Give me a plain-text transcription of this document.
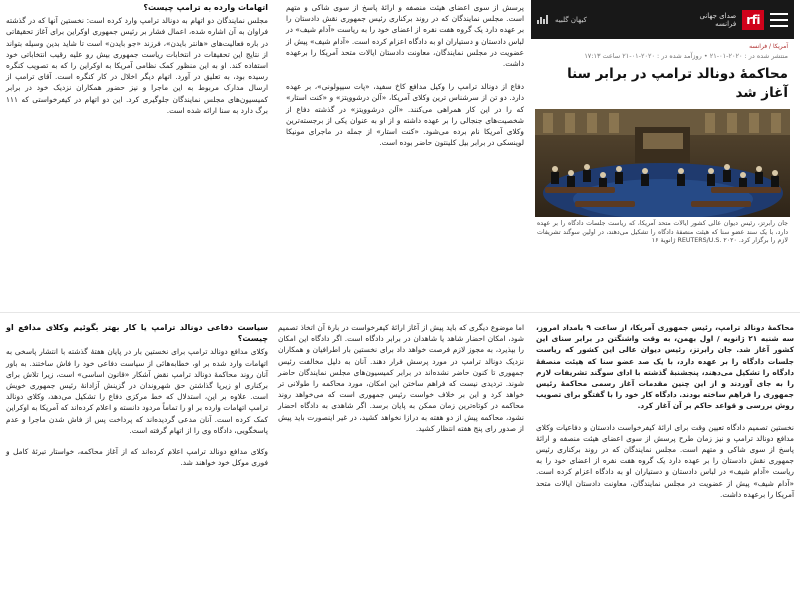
کیهان گلبیه	صدای جهانی فرانسه rfi
آمریکا / فرانسه
منتشر شده در : ۲۰۲۰-۰۱-۲۱ • روزآمد شده در : ۲۰۲۰-۰۱-۲۱ ساعت ۱۷:۱۳
محاکمهٔ دونالد ترامپ در برابر سنا آغاز شد
جان رابرتز، رئیس دیوان عالی کشور ایالات متحد آمریکا، که ریاست جلسات دادگاه را بر عهده دارد، با یک سند عضو سنا که هیئت منصفهٔ دادگاه را تشکیل می‌دهند، در اولین سوگند تشریفات لازم را برگزار کرد. REUTERS/U.S. ۲۰۲۰ ژانویهٔ ۱۶
اتهامات وارده به ترامپ چیست؟
مجلس نمایندگان دو اتهام به دونالد ترامپ وارد کرده است: نخستین آنها که در گذشته فراوان به آن اشاره شده، اعمال فشار بر رئیس جمهوری اوکراین برای آغاز تحقیقاتی در باره فعالیت‌های «هانتر بایدن»، فرزند «جو بایدن» است تا شاید بدین وسیله بتواند از نتایج این تحقیقات در انتخابات ریاست جمهوری بیش رو علیه رقیب انتخاباتی خود استفاده کند. او به این منظور کمک نظامی آمریکا به اوکراین را که به تصویب کنگره رسیده بود، به تعلیق در آورد. اتهام دیگر اخلال در کار کنگره است. آقای ترامپ از ارسال مدارک مربوط به این ماجرا و نیز حضور همکاران نزدیک خود در برابر کمیسیون‌های مجلس نمایندگان جلوگیری کرد. این دو اتهام در کیفرخواستی که ۱۱۱ برگ دارد به سنا ارائه شده است.
پرسش از سوی اعضای هیئت منصفه و ارائهٔ پاسخ از سوی شاکی و متهم است. مجلس نمایندگان که در روند برکناری رئیس جمهوری نقش دادستان را بر عهده دارد یک گروه هفت نفره از اعضای خود را به ریاست «آدام شیف» در لباس دادستان و دستیاران او به دادگاه اعزام کرده است. «آدام شیف» پیش از عضویت در مجلس نمایندگان، معاونت دادستان ایالات متحد آمریکا را برعهده داشت.
دفاع از دونالد ترامپ را وکیل مدافع کاخ سفید، «پات سیپولونی»، بر عهده دارد. دو تن از سرشناس ترین وکلای آمریکا، «آلن درشوویتز» و «کنت استار» که را در این کار همراهی می‌کنند. «آلن درشوویتز» در گذشته دفاع از شخصیت‌های جنجالی را بر عهده داشته و از او به عنوان یکی از برجسته‌ترین وکلای آمریکا نام برده می‌شود. «کنت استار» از جمله در ماجرای مونیکا لوینسکی در برابر بیل کلینتون حاضر بوده است.
سیاست دفاعی دونالد ترامپ یا کار بهتر بگوئیم وکلای مدافع او چیست؟
وکلای مدافع دونالد ترامپ برای نخستین بار در پایان هفتهٔ گذشته با انتشار پاسخی به اتهامات وارد شده بر او، خطابه‌هائی از سیاست دفاعی خود را فاش ساختند. به باور آنان روند محاکمهٔ دونالد ترامپ نقض آشکار «قانون اساسی» است، زیرا تلاش برای برکناری او زیرپا گذاشتن حق شهروندان در گزینش آزادانهٔ رئیس جمهوری خویش است. علاوه بر این، استدلال که خط مرکزی دفاع را تشکیل می‌دهد، وکلای دونالد ترامپ اتهامات وارده بر او را تماماً مردود دانسته و اعلام کرده‌اند که آمریکا به اوکراین کمک کرده است. آنان مدعی گردیده‌اند که پرداخت پس از فاش شدن ماجرا و عدم پاسخگویی، دادگاه وی را از اتهام گرفته است.
وکلای مدافع دونالد ترامپ اعلام کرده‌اند که از آغاز محاکمه، خواستار تبرئهٔ کامل و فوری موکل خود خواهند شد.
اما موضوع دیگری که باید پیش از آغاز ارائهٔ کیفرخواست در بارهٔ آن اتخاذ تصمیم شود، امکان احضار شاهد یا شاهدان در برابر دادگاه است. اگر دادگاه این امکان را بپذیرد، به مجوز لازم فرصت خواهد داد برای نخستین بار اطرافیان و همکاران نزدیک دونالد ترامپ در مورد پرسش قرار دهند. آنان به دلیل مخالفت رئیس جمهوری تا کنون حاضر نشده‌اند در برابر کمیسیون‌های مجلس نمایندگان حاضر شوند. تردیدی نیست که فراهم ساختن این امکان، مورد محاکمه را طولانی تر خواهد کرد و این بر خلاف خواست رئیس جمهوری است که می‌خواهد روند محاکمه در کوتاه‌ترین زمان ممکن به پایان برسد. اگر شاهدی به دادگاه احضار نشود، محاکمه پیش از دو هفته به درازا نخواهد کشید، در غیر اینصورت باید پیش از صدور رای پنج هفته انتظار کشید.
محاکمهٔ دونالد ترامپ، رئیس جمهوری آمریکا، از ساعت ۹ بامداد امروز، سه شنبه ۲۱ ژانویه / اول بهمن، به وقت واشنگتن در برابر سنای این کشور آغاز شد. جان رابرتز، رئیس دیوان عالی این کشور که ریاست جلسات دادگاه را بر عهده دارد، با یک صد عضو سنا که هیئت منصفهٔ دادگاه را تشکیل می‌دهند، پنجشنبهٔ گذشته با ادای سوگند تشریفات لازم را به جای آوردند و از این چنین مقدمات آغاز رسمی محاکمهٔ رئیس جمهوری را فراهم ساخته بودند. دادگاه کار خود را با گفتگو برای تصویب روش بررسی و قواعد حاکم بر آن آغاز کرد.
نخستین تصمیم دادگاه تعیین وقت برای ارائهٔ کیفرخواست دادستان و دفاعیات وکلای مدافع دونالد ترامپ و نیز زمان طرح پرسش از سوی اعضای هیئت منصفه و ارائهٔ پاسخ از سوی شاکی و متهم است. مجلس نمایندگان که در روند برکناری رئیس جمهوری نقش دادستان را بر عهده دارد یک گروه هفت نفره از اعضای خود را به ریاست «آدام شیف» در لباس دادستان و دستیاران او به دادگاه اعزام کرده است. «آدام شیف» پیش از عضویت در مجلس نمایندگان، معاونت دادستان ایالات متحد آمریکا را برعهده داشت.
